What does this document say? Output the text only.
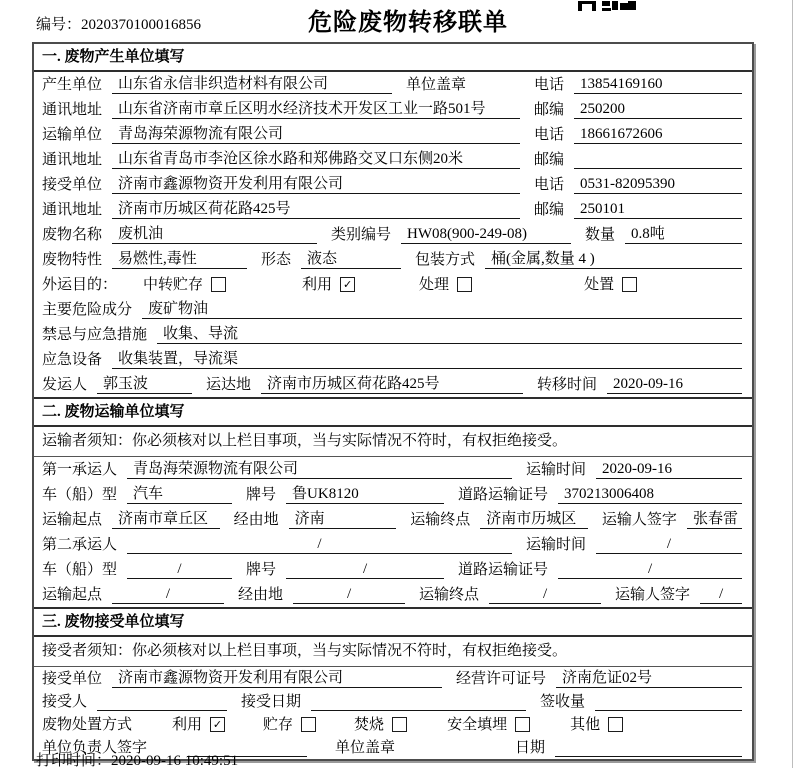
编号：2020370100016856	危险废物转移联单
一. 废物产生单位填写
产生单位	山东省永信非织造材料有限公司	单位盖章	电话	13854169160
通讯地址	山东省济南市章丘区明水经济技术开发区工业一路501号	邮编	250200
运输单位	青岛海荣源物流有限公司	电话	18661672606
通讯地址	山东省青岛市李沧区徐水路和郑佛路交叉口东侧20米	邮编
接受单位	济南市鑫源物资开发利用有限公司	电话	0531-82095390
通讯地址	济南市历城区荷花路425号	邮编	250101
废物名称	废机油	类别编号	HW08(900-249-08)	数量	0.8吨
废物特性	易燃性,毒性	形态	液态	包装方式	桶(金属,数量 4 )
外运目的： 中转贮存	利用 ✓	处理	处置
主要危险成分	废矿物油
禁忌与应急措施	收集、导流
应急设备	收集装置，导流渠
发运人	郭玉波	运达地	济南市历城区荷花路425号	转移时间	2020-09-16
二. 废物运输单位填写
运输者须知：你必须核对以上栏目事项，当与实际情况不符时，有权拒绝接受。
第一承运人	青岛海荣源物流有限公司	运输时间	2020-09-16
车（船）型	汽车	牌号	鲁UK8120	道路运输证号	370213006408
运输起点	济南市章丘区	经由地	济南	运输终点	济南市历城区	运输人签字	张春雷
第二承运人	/	运输时间	/
车（船）型	/	牌号	/	道路运输证号	/
运输起点	/	经由地	/	运输终点	/	运输人签字	/
三. 废物接受单位填写
接受者须知：你必须核对以上栏目事项，当与实际情况不符时，有权拒绝接受。
接受单位	济南市鑫源物资开发利用有限公司	经营许可证号	济南危证02号
接受人	接受日期	签收量
废物处置方式	利用 ✓	贮存	焚烧	安全填埋	其他
单位负责人签字	单位盖章	日期
打印时间：2020-09-16 10:49:51
